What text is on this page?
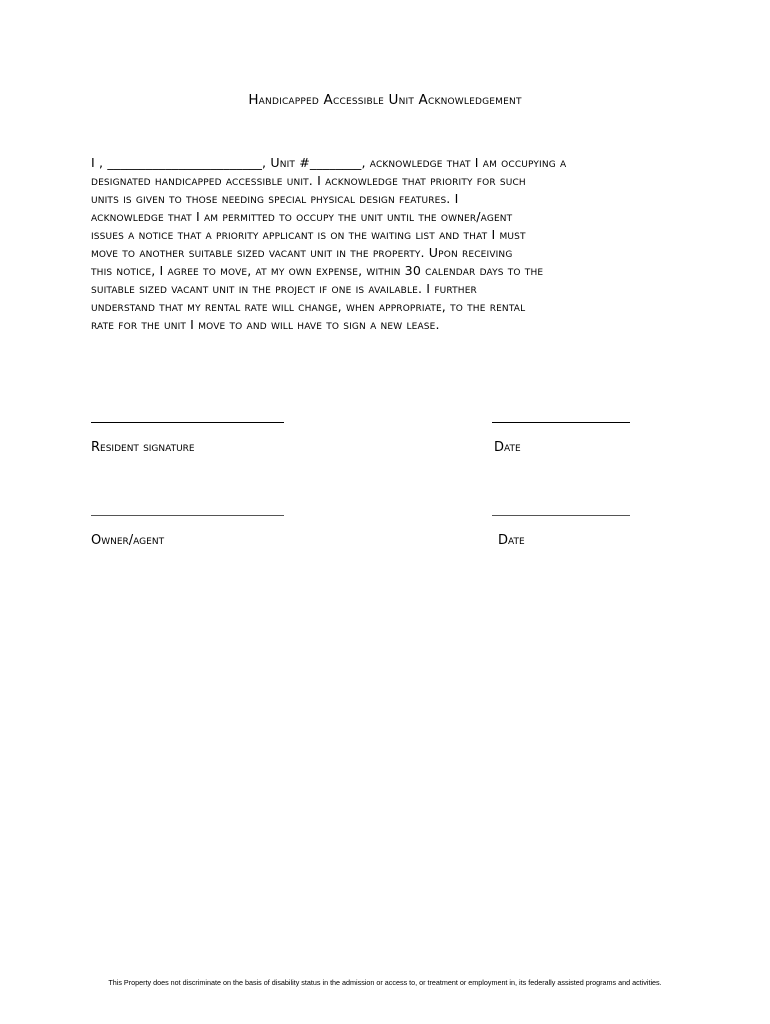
Handicapped Accessible Unit Acknowledgement
I , ________________________, Unit #________, acknowledge that I am occupying a
designated handicapped accessible unit. I acknowledge that priority for such
units is given to those needing special physical design features. I
acknowledge that I am permitted to occupy the unit until the owner/agent
issues a notice that a priority applicant is on the waiting list and that I must
move to another suitable sized vacant unit in the property. Upon receiving
this notice, I agree to move, at my own expense, within 30 calendar days to the
suitable sized vacant unit in the project if one is available. I further
understand that my rental rate will change, when appropriate, to the rental
rate for the unit I move to and will have to sign a new lease.
Resident signature	Date
Owner/agent	Date
This Property does not discriminate on the basis of disability status in the admission or access to, or treatment or employment in, its federally assisted programs and activities.
